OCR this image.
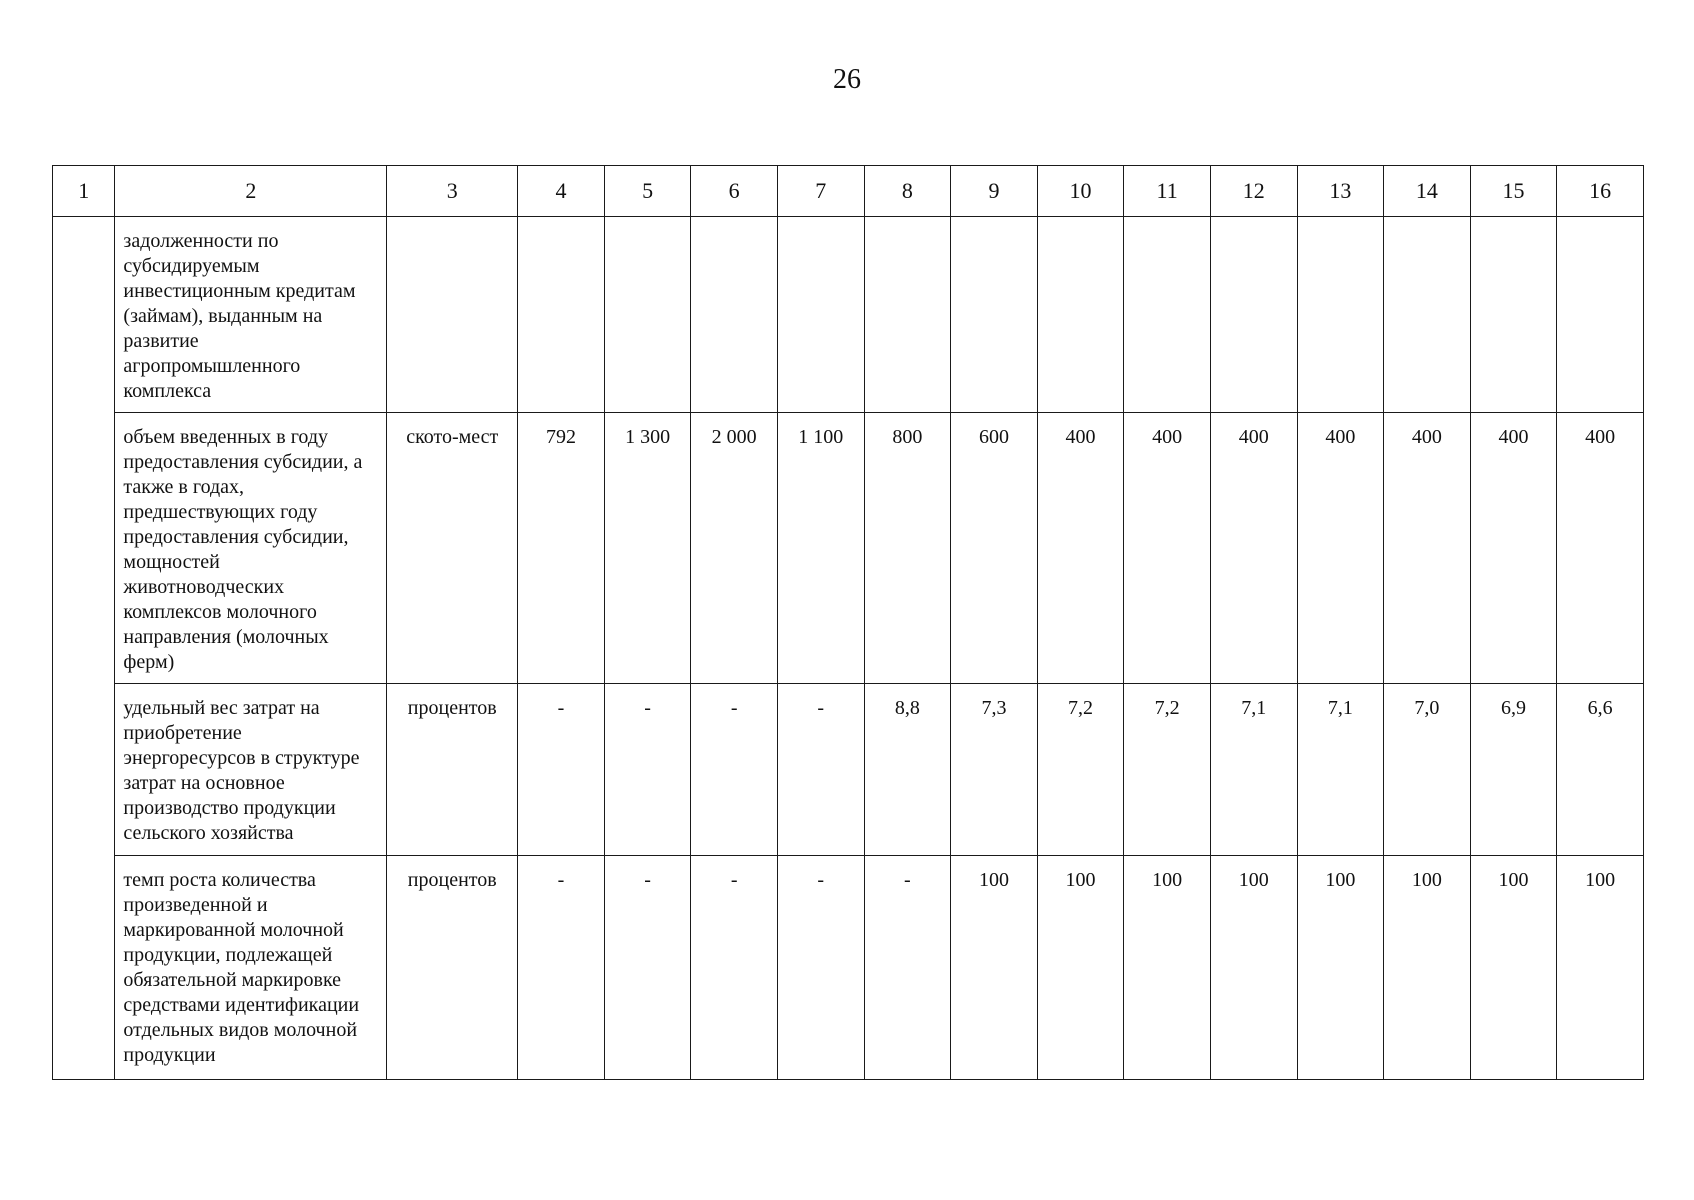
26
1	2	3	4	5	6	7	8	9	10	11	12	13	14	15	16
	задолженности по субсидируемым инвестиционным кредитам (займам), выданным на развитие агропромышленного комплекса														
	объем введенных в году предоставления субсидии, а также в годах, предшествующих году предоставления субсидии, мощностей животноводческих комплексов молочного направления (молочных ферм)	ското-мест	792	1 300	2 000	1 100	800	600	400	400	400	400	400	400	400
	удельный вес затрат на приобретение энергоресурсов в структуре затрат на основное производство продукции сельского хозяйства	процентов	-	-	-	-	8,8	7,3	7,2	7,2	7,1	7,1	7,0	6,9	6,6
	темп роста количества произведенной и маркированной молочной продукции, подлежащей обязательной маркировке средствами идентификации отдельных видов молочной продукции	процентов	-	-	-	-	-	100	100	100	100	100	100	100	100
